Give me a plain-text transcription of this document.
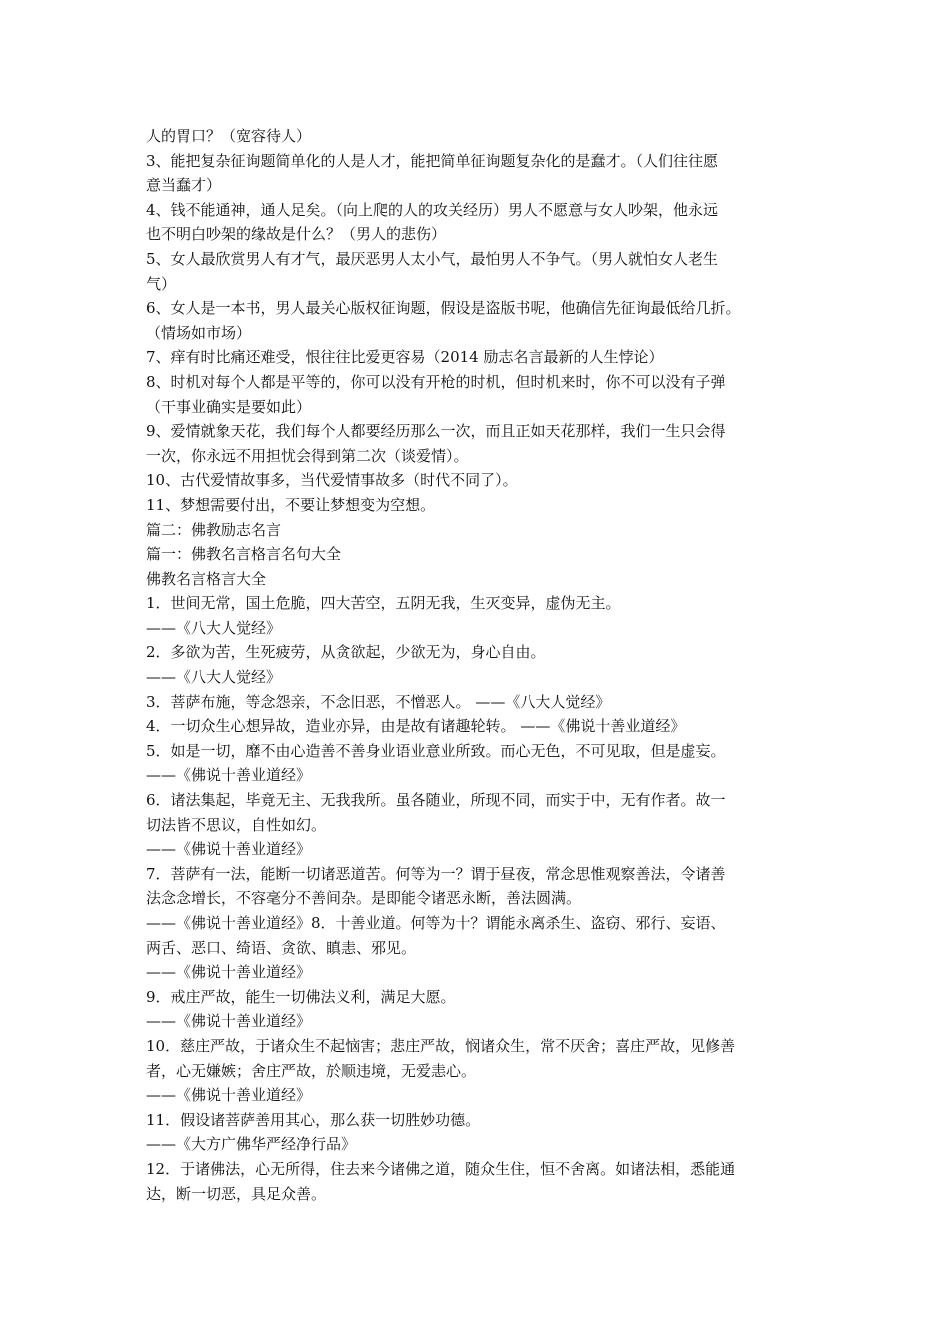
人的胃口？（宽容待人）
3、能把复杂征询题简单化的人是人才，能把简单征询题复杂化的是蠢才。（人们往往愿
意当蠢才）
4、钱不能通神，通人足矣。（向上爬的人的攻关经历）男人不愿意与女人吵架，他永远
也不明白吵架的缘故是什么？（男人的悲伤）
5、女人最欣赏男人有才气，最厌恶男人太小气，最怕男人不争气。（男人就怕女人老生
气）
6、女人是一本书，男人最关心版权征询题，假设是盗版书呢，他确信先征询最低给几折。
（情场如市场）
7、痒有时比痛还难受，恨往往比爱更容易（2014 励志名言最新的人生悖论）
8、时机对每个人都是平等的，你可以没有开枪的时机，但时机来时，你不可以没有子弹
（干事业确实是要如此）
9、爱情就象天花，我们每个人都要经历那么一次，而且正如天花那样，我们一生只会得
一次，你永远不用担忧会得到第二次（谈爱情）。
10、古代爱情故事多，当代爱情事故多（时代不同了）。
11、梦想需要付出，不要让梦想变为空想。
篇二：佛教励志名言
篇一：佛教名言格言名句大全
佛教名言格言大全
1．世间无常，国土危脆，四大苦空，五阴无我，生灭变异，虚伪无主。
——《八大人觉经》
2．多欲为苦，生死疲劳，从贪欲起，少欲无为，身心自由。
——《八大人觉经》
3．菩萨布施，等念怨亲，不念旧恶，不憎恶人。 ——《八大人觉经》
4．一切众生心想异故，造业亦异，由是故有诸趣轮转。 ——《佛说十善业道经》
5．如是一切，靡不由心造善不善身业语业意业所致。而心无色，不可见取，但是虚妄。
——《佛说十善业道经》
6．诸法集起，毕竟无主、无我我所。虽各随业，所现不同，而实于中，无有作者。故一
切法皆不思议，自性如幻。
——《佛说十善业道经》
7．菩萨有一法，能断一切诸恶道苦。何等为一？谓于昼夜，常念思惟观察善法，令诸善
法念念增长，不容毫分不善间杂。是即能令诸恶永断，善法圆满。
——《佛说十善业道经》8．十善业道。何等为十？谓能永离杀生、盗窃、邪行、妄语、
两舌、恶口、绮语、贪欲、瞋恚、邪见。
——《佛说十善业道经》
9．戒庄严故，能生一切佛法义利，满足大愿。
——《佛说十善业道经》
10．慈庄严故，于诸众生不起恼害；悲庄严故，悯诸众生，常不厌舍；喜庄严故，见修善
者，心无嫌嫉；舍庄严故，於顺违境，无爱恚心。
——《佛说十善业道经》
11．假设诸菩萨善用其心，那么获一切胜妙功德。
——《大方广佛华严经净行品》
12．于诸佛法，心无所得，住去来今诸佛之道，随众生住，恒不舍离。如诸法相，悉能通
达，断一切恶，具足众善。
